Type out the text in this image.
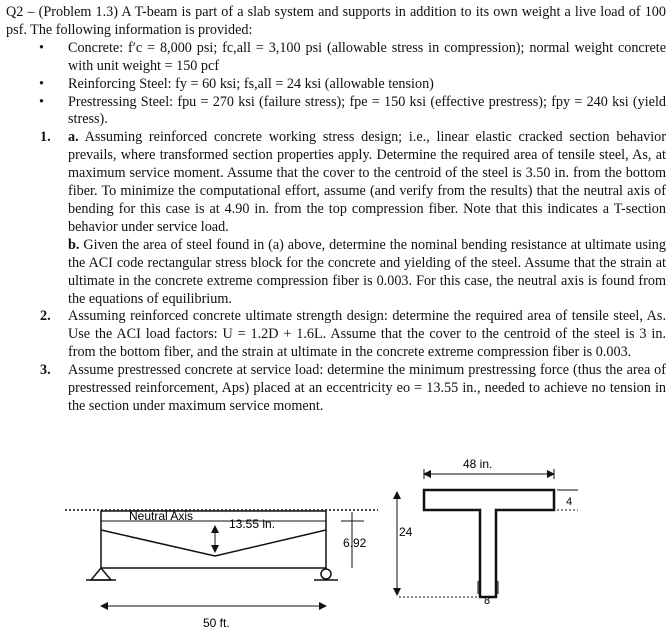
Q2 – (Problem 1.3) A T-beam is part of a slab system and supports in addition to its own weight a live load of 100 psf. The following information is provided:
• Concrete: f′c = 8,000 psi; fc,all = 3,100 psi (allowable stress in compression); normal weight concrete with unit weight = 150 pcf
• Reinforcing Steel: fy = 60 ksi; fs,all = 24 ksi (allowable tension)
• Prestressing Steel: fpu = 270 ksi (failure stress); fpe = 150 ksi (effective prestress); fpy = 240 ksi (yield stress).
1. a. Assuming reinforced concrete working stress design; i.e., linear elastic cracked section behavior prevails, where transformed section properties apply. Determine the required area of tensile steel, As, at maximum service moment. Assume that the cover to the centroid of the steel is 3.50 in. from the bottom fiber. To minimize the computational effort, assume (and verify from the results) that the neutral axis of bending for this case is at 4.90 in. from the top compression fiber. Note that this indicates a T-section behavior under service load.
b. Given the area of steel found in (a) above, determine the nominal bending resistance at ultimate using the ACI code rectangular stress block for the concrete and yielding of the steel. Assume that the strain at ultimate in the concrete extreme compression fiber is 0.003. For this case, the neutral axis is found from the equations of equilibrium.
2. Assuming reinforced concrete ultimate strength design: determine the required area of tensile steel, As. Use the ACI load factors: U = 1.2D + 1.6L. Assume that the cover to the centroid of the steel is 3 in. from the bottom fiber, and the strain at ultimate in the concrete extreme compression fiber is 0.003.
3. Assume prestressed concrete at service load: determine the minimum prestressing force (thus the area of prestressed reinforcement, Aps) placed at an eccentricity eo = 13.55 in., needed to achieve no tension in the section under maximum service moment.
Neutral Axis
13.55 in.
6.92
50 ft.
48 in.
4
24
8
